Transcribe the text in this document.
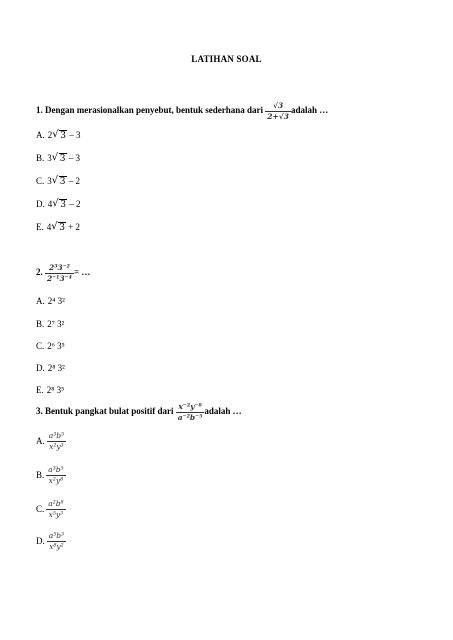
LATIHAN SOAL
1. Dengan merasionalkan penyebut, bentuk sederhana dari $\frac{√3}{2+√3}$ adalah …
A. 2 √ 3 – 3
B. 3 √ 3 – 3
C. 3 √ 3 – 2
D. 4 √ 3 – 2
E. 4 √ 3 + 2
2. $\frac{\text{2³3⁻²}}{\text{2⁻¹3⁻⁴}}$ = …
A. 2⁴ 3²
B. 2⁷ 3²
C. 2⁶ 3⁵
D. 2⁸ 3²
E. 2⁸ 3⁵
3. Bentuk pangkat bulat positif dari $\frac{\text{x⁻²y⁻⁸}}{\text{a⁻²b⁻⁵}}$ adalah …
A. $\frac{\text{a³b⁵}}{\text{x²y³}}$
B. $\frac{\text{a³b⁵}}{\text{x²y⁸}}$
C. $\frac{\text{a²b⁸}}{\text{x⁵y³}}$
D. $\frac{\text{a⁵b³}}{\text{x⁸y²}}$
